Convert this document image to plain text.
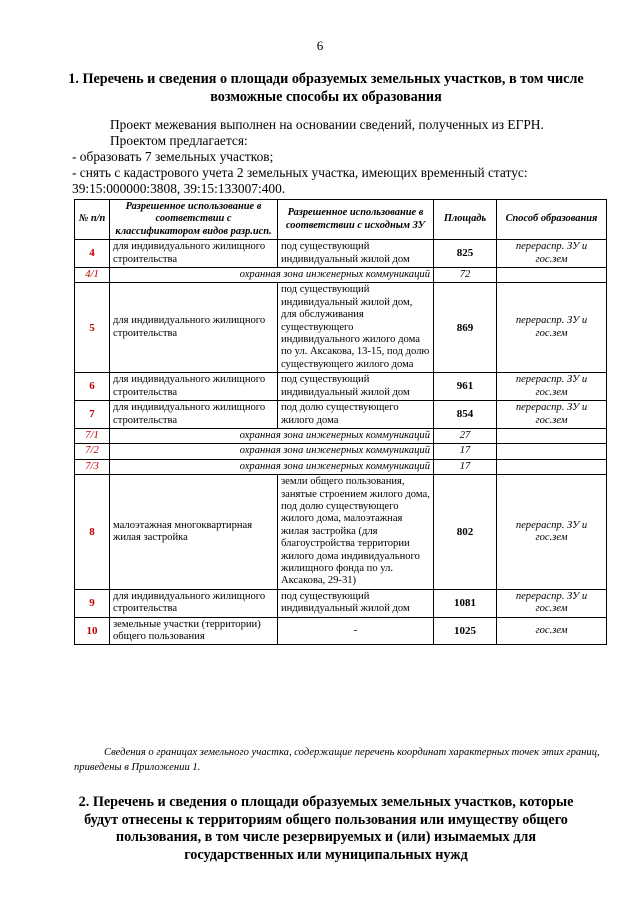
6
1. Перечень и сведения о площади образуемых земельных участков, в том числе возможные способы их образования
Проект межевания выполнен на основании сведений, полученных из ЕГРН.
Проектом предлагается:
- образовать 7 земельных участков;
- снять с кадастрового учета 2 земельных участка, имеющих временный статус:
39:15:000000:3808, 39:15:133007:400.
№ п/п	Разрешенное использование в соответствии с классификатором видов разр.исп.	Разрешенное использование в соответствии с исходным ЗУ	Площадь	Способ образования
4	для индивидуального жилищного строительства	под существующий индивидуальный жилой дом	825	перераспр. ЗУ и гос.зем
4/1	охранная зона инженерных коммуникаций		72	
5	для индивидуального жилищного строительства	под существующий индивидуальный жилой дом, для обслуживания существующего индивидуального жилого дома по ул. Аксакова, 13-15, под долю существующего жилого дома	869	перераспр. ЗУ и гос.зем
6	для индивидуального жилищного строительства	под существующий индивидуальный жилой дом	961	перераспр. ЗУ и гос.зем
7	для индивидуального жилищного строительства	под долю существующего жилого дома	854	перераспр. ЗУ и гос.зем
7/1	охранная зона инженерных коммуникаций		27	
7/2	охранная зона инженерных коммуникаций		17	
7/3	охранная зона инженерных коммуникаций		17	
8	малоэтажная многоквартирная жилая застройка	земли общего пользования, занятые строением жилого дома, под долю существующего жилого дома, малоэтажная жилая застройка (для благоустройства территории жилого дома индивидуального жилищного фонда по ул. Аксакова, 29-31)	802	перераспр. ЗУ и гос.зем
9	для индивидуального жилищного строительства	под существующий индивидуальный жилой дом	1081	перераспр. ЗУ и гос.зем
10	земельные участки (территории) общего пользования	-	1025	гос.зем
Сведения о границах земельного участка, содержащие перечень координат характерных точек этих границ, приведены в Приложении 1.
2. Перечень и сведения о площади образуемых земельных участков, которые будут отнесены к территориям общего пользования или имуществу общего пользования, в том числе резервируемых и (или) изымаемых для государственных или муниципальных нужд
